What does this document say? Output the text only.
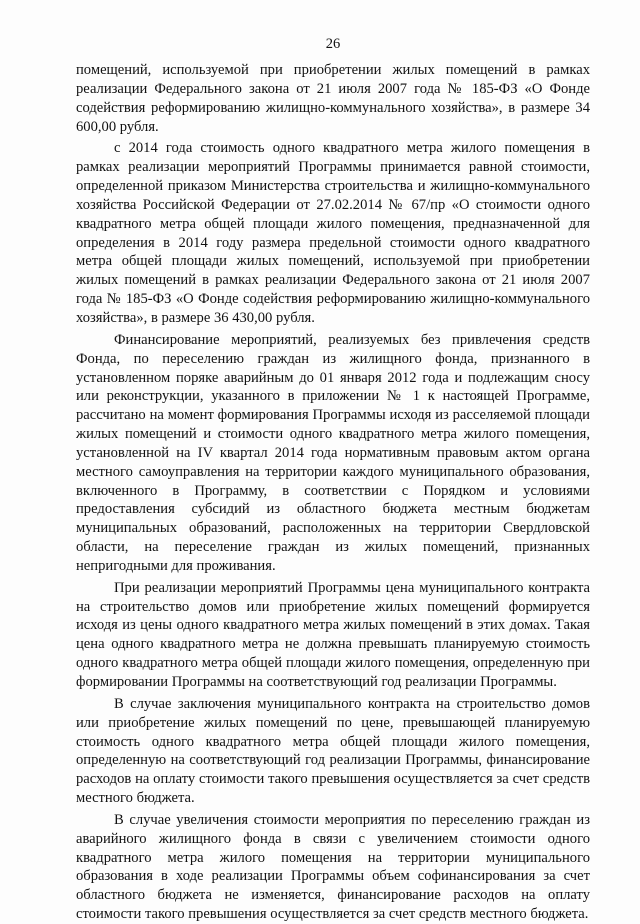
26

помещений, используемой при приобретении жилых помещений в рамках реализации Федерального закона от 21 июля 2007 года № 185-ФЗ «О Фонде содействия реформированию жилищно-коммунального хозяйства», в размере 34 600,00 рубля.

с 2014 года стоимость одного квадратного метра жилого помещения в рамках реализации мероприятий Программы принимается равной стоимости, определенной приказом Министерства строительства и жилищно-коммунального хозяйства Российской Федерации от 27.02.2014 № 67/пр «О стоимости одного квадратного метра общей площади жилого помещения, предназначенной для определения в 2014 году размера предельной стоимости одного квадратного метра общей площади жилых помещений, используемой при приобретении жилых помещений в рамках реализации Федерального закона от 21 июля 2007 года № 185-ФЗ «О Фонде содействия реформированию жилищно-коммунального хозяйства», в размере 36 430,00 рубля.

Финансирование мероприятий, реализуемых без привлечения средств Фонда, по переселению граждан из жилищного фонда, признанного в установленном поряке аварийным до 01 января 2012 года и подлежащим сносу или реконструкции, указанного в приложении № 1 к настоящей Программе, рассчитано на момент формирования Программы исходя из расселяемой площади жилых помещений и стоимости одного квадратного метра жилого помещения, установленной на IV квартал 2014 года нормативным правовым актом органа местного самоуправления на территории каждого муниципального образования, включенного в Программу, в соответствии с Порядком и условиями предоставления субсидий из областного бюджета местным бюджетам муниципальных образований, расположенных на территории Свердловской области, на переселение граждан из жилых помещений, признанных непригодными для проживания.

При реализации мероприятий Программы цена муниципального контракта на строительство домов или приобретение жилых помещений формируется исходя из цены одного квадратного метра жилых помещений в этих домах. Такая цена одного квадратного метра не должна превышать планируемую стоимость одного квадратного метра общей площади жилого помещения, определенную при формировании Программы на соответствующий год реализации Программы.

В случае заключения муниципального контракта на строительство домов или приобретение жилых помещений по цене, превышающей планируемую стоимость одного квадратного метра общей площади жилого помещения, определенную на соответствующий год реализации Программы, финансирование расходов на оплату стоимости такого превышения осуществляется за счет средств местного бюджета.

В случае увеличения стоимости мероприятия по переселению граждан из аварийного жилищного фонда в связи с увеличением стоимости одного квадратного метра жилого помещения на территории муниципального образования в ходе реализации Программы объем софинансирования за счет областного бюджета не изменяется, финансирование расходов на оплату стоимости такого превышения осуществляется за счет средств местного бюджета.
